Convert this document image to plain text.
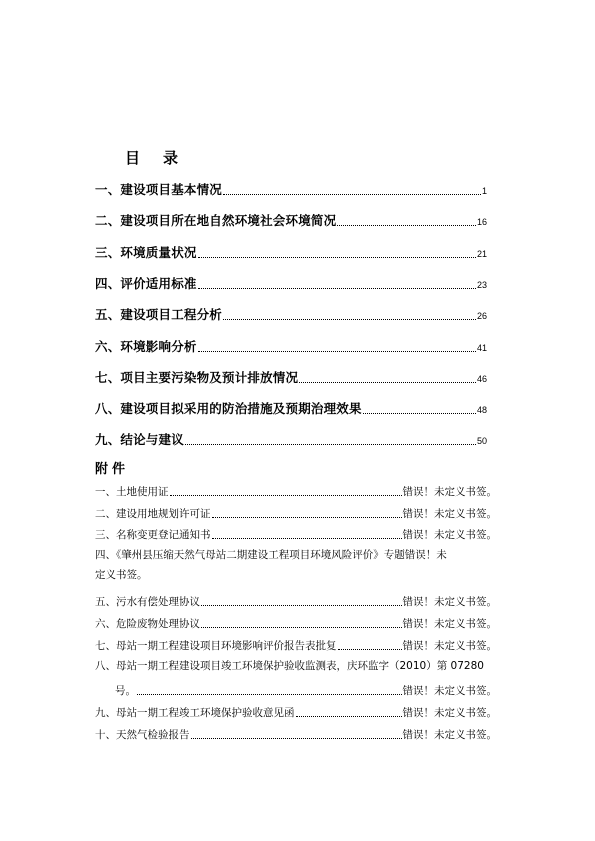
目 录
一、建设项目基本情况	1
二、建设项目所在地自然环境社会环境简况	16
三、环境质量状况	21
四、评价适用标准	23
五、建设项目工程分析	26
六、环境影响分析	41
七、项目主要污染物及预计排放情况	46
八、建设项目拟采用的防治措施及预期治理效果	48
九、结论与建议	50
附件
一、土地使用证	错误！未定义书签。
二、建设用地规划许可证	错误！未定义书签。
三、名称变更登记通知书	错误！未定义书签。
四、《肇州县压缩天然气母站二期建设工程项目环境风险评价》专题错误！未
定义书签。
五、污水有偿处理协议	错误！未定义书签。
六、危险废物处理协议	错误！未定义书签。
七、母站一期工程建设项目环境影响评价报告表批复	错误！未定义书签。
八、母站一期工程建设项目竣工环境保护验收监测表，庆环监字（2010）第 07280
号。	错误！未定义书签。
九、母站一期工程竣工环境保护验收意见函	错误！未定义书签。
十、天然气检验报告	错误！未定义书签。
